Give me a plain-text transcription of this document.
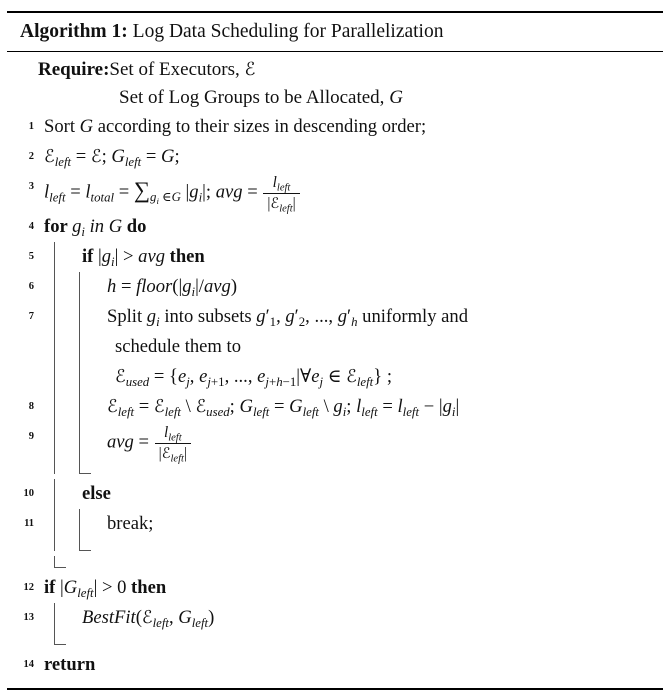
Algorithm 1: Log Data Scheduling for Parallelization
Require: Set of Executors, ℰ
Set of Log Groups to be Allocated, G
1 Sort G according to their sizes in descending order;
2 ℰ$_{left}$ = ℰ; $G_{left} = G$;
3 $l_{left} = l_{total} = \sum_{g_i \in G}$ $|g_i|$; avg = $\frac{l_{left}}{|ℰ_{left}|}$
4 for $g_i$ in G do
5	if $|g_i|$ > avg then
6	$h = floor(|g_i|/avg)$
7	Split $g_i$ into subsets $g'_1$, $g'_2$, ..., $g'_h$ uniformly and
schedule them to
ℰ$_{used}$ = {$e_j$, $e_{j+1}$, ..., $e_{j+h-1}|\forall e_j$ ∈ ℰ$_{left}$} ;
8	ℰ$_{left}$ = ℰ$_{left}$ \ ℰ$_{used}$; $G_{left} = G_{left}$ \ $g_i$; $l_{left} = l_{left} - |g_i|$
9	avg = $\frac{l_{left}}{|ℰ_{left}|}$
10	else
11	break;
12 if $|G_{left}| > 0$ then
13	BestFit(ℰ$_{left}$, $G_{left}$)
14 return
